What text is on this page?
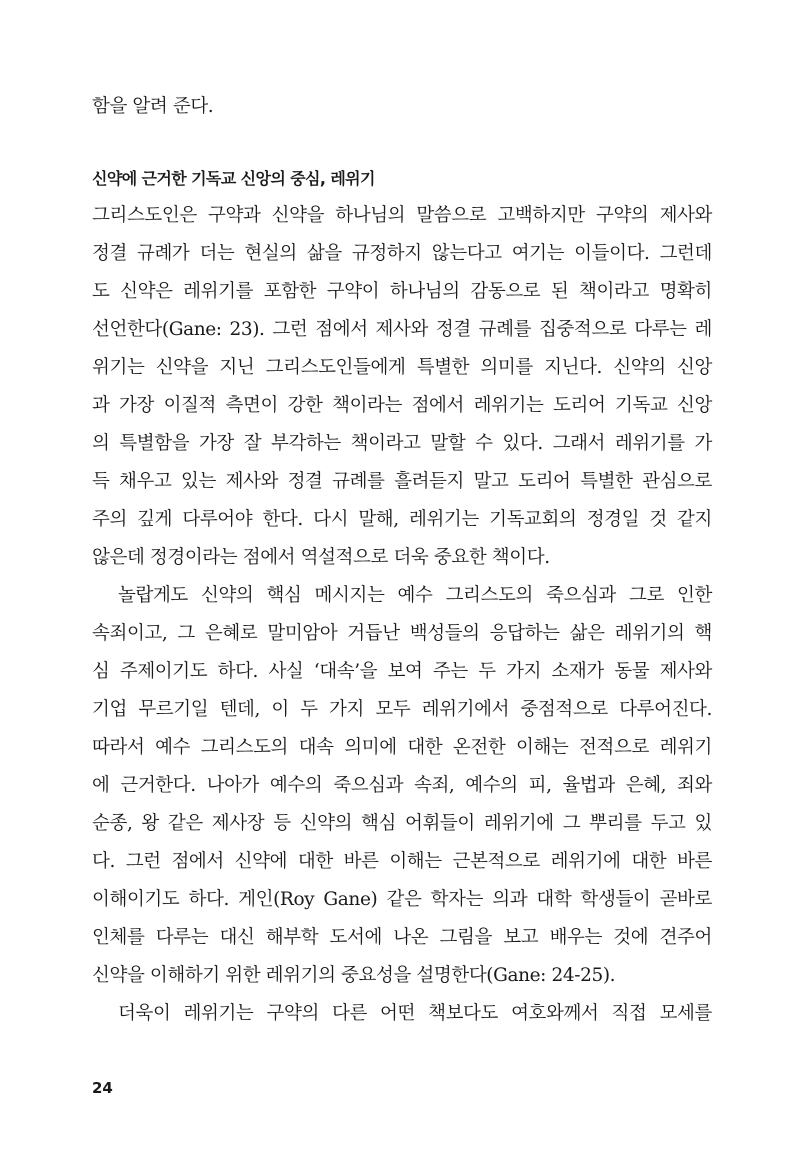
함을 알려 준다.
신약에 근거한 기독교 신앙의 중심, 레위기
그리스도인은 구약과 신약을 하나님의 말씀으로 고백하지만 구약의 제사와
정결 규례가 더는 현실의 삶을 규정하지 않는다고 여기는 이들이다. 그런데
도 신약은 레위기를 포함한 구약이 하나님의 감동으로 된 책이라고 명확히
선언한다(Gane: 23). 그런 점에서 제사와 정결 규례를 집중적으로 다루는 레
위기는 신약을 지닌 그리스도인들에게 특별한 의미를 지닌다. 신약의 신앙
과 가장 이질적 측면이 강한 책이라는 점에서 레위기는 도리어 기독교 신앙
의 특별함을 가장 잘 부각하는 책이라고 말할 수 있다. 그래서 레위기를 가
득 채우고 있는 제사와 정결 규례를 흘려듣지 말고 도리어 특별한 관심으로
주의 깊게 다루어야 한다. 다시 말해, 레위기는 기독교회의 정경일 것 같지
않은데 정경이라는 점에서 역설적으로 더욱 중요한 책이다.
놀랍게도 신약의 핵심 메시지는 예수 그리스도의 죽으심과 그로 인한
속죄이고, 그 은혜로 말미암아 거듭난 백성들의 응답하는 삶은 레위기의 핵
심 주제이기도 하다. 사실 ‘대속’을 보여 주는 두 가지 소재가 동물 제사와
기업 무르기일 텐데, 이 두 가지 모두 레위기에서 중점적으로 다루어진다.
따라서 예수 그리스도의 대속 의미에 대한 온전한 이해는 전적으로 레위기
에 근거한다. 나아가 예수의 죽으심과 속죄, 예수의 피, 율법과 은혜, 죄와
순종, 왕 같은 제사장 등 신약의 핵심 어휘들이 레위기에 그 뿌리를 두고 있
다. 그런 점에서 신약에 대한 바른 이해는 근본적으로 레위기에 대한 바른
이해이기도 하다. 게인(Roy Gane) 같은 학자는 의과 대학 학생들이 곧바로
인체를 다루는 대신 해부학 도서에 나온 그림을 보고 배우는 것에 견주어
신약을 이해하기 위한 레위기의 중요성을 설명한다(Gane: 24-25).
더욱이 레위기는 구약의 다른 어떤 책보다도 여호와께서 직접 모세를
24
